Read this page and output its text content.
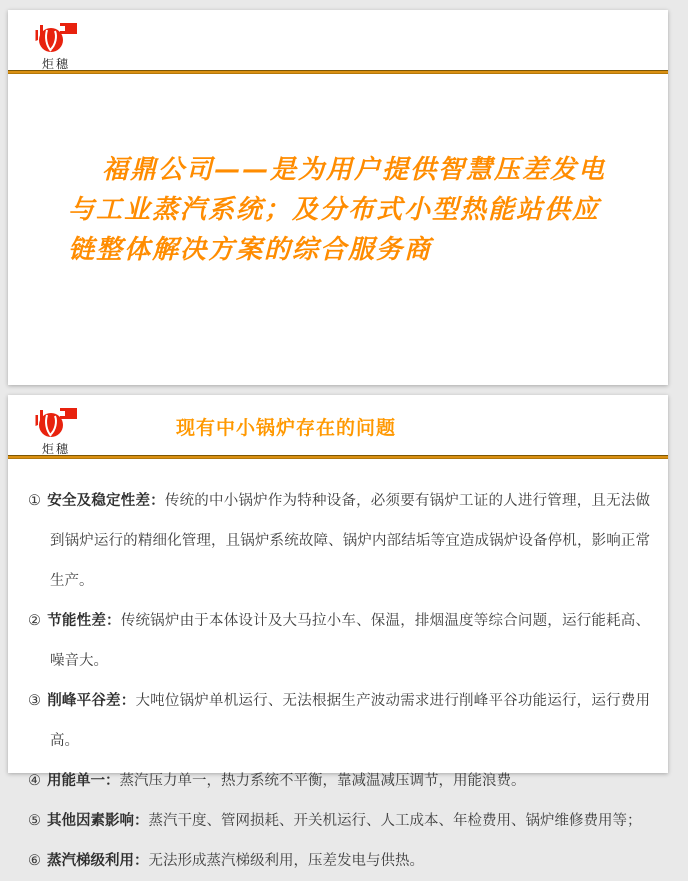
炬穗

福鼎公司——是为用户提供智慧压差发电与工业蒸汽系统；及分布式小型热能站供应链整体解决方案的综合服务商

炬穗
现有中小锅炉存在的问题

① 安全及稳定性差：传统的中小锅炉作为特种设备，必须要有锅炉工证的人进行管理，且无法做到锅炉运行的精细化管理，且锅炉系统故障、锅炉内部结垢等宜造成锅炉设备停机，影响正常生产。

② 节能性差：传统锅炉由于本体设计及大马拉小车、保温，排烟温度等综合问题，运行能耗高、噪音大。

③ 削峰平谷差：大吨位锅炉单机运行、无法根据生产波动需求进行削峰平谷功能运行，运行费用高。

④ 用能单一：蒸汽压力单一，热力系统不平衡，靠减温减压调节，用能浪费。

⑤ 其他因素影响：蒸汽干度、管网损耗、开关机运行、人工成本、年检费用、锅炉维修费用等；

⑥ 蒸汽梯级利用：无法形成蒸汽梯级利用，压差发电与供热。
